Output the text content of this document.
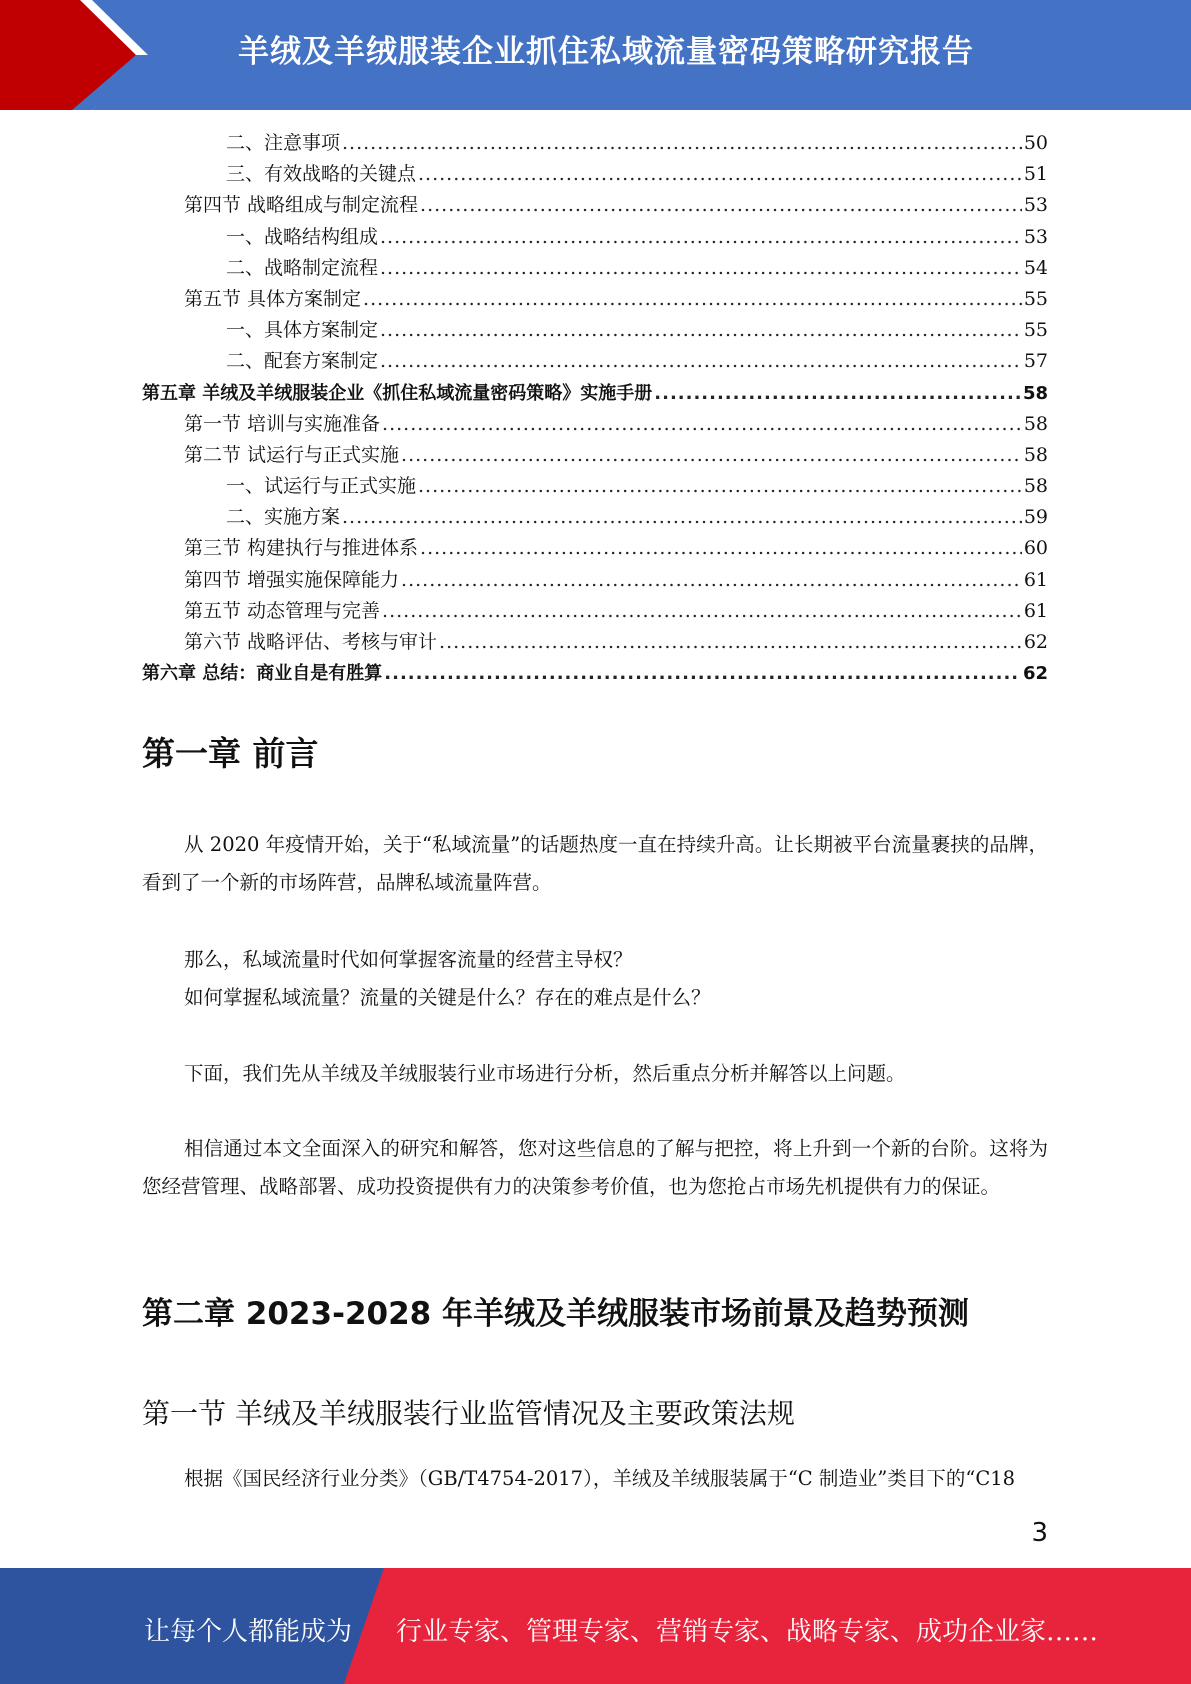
羊绒及羊绒服装企业抓住私域流量密码策略研究报告
二、注意事项 .....	50
三、有效战略的关键点 .....	51
第四节 战略组成与制定流程 .....	53
一、战略结构组成 .....	53
二、战略制定流程 .....	54
第五节 具体方案制定 .....	55
一、具体方案制定 .....	55
二、配套方案制定 .....	57
第五章 羊绒及羊绒服装企业《抓住私域流量密码策略》实施手册 .....	58
第一节 培训与实施准备 .....	58
第二节 试运行与正式实施 .....	58
一、试运行与正式实施 .....	58
二、实施方案 .....	59
第三节 构建执行与推进体系 .....	60
第四节 增强实施保障能力 .....	61
第五节 动态管理与完善 .....	61
第六节 战略评估、考核与审计 .....	62
第六章 总结：商业自是有胜算 .....	62
第一章 前言

从 2020 年疫情开始，关于“私域流量”的话题热度一直在持续升高。让长期被平台流量裹挟的品牌，看到了一个新的市场阵营，品牌私域流量阵营。

那么，私域流量时代如何掌握客流量的经营主导权？

如何掌握私域流量？流量的关键是什么？存在的难点是什么？

下面，我们先从羊绒及羊绒服装行业市场进行分析，然后重点分析并解答以上问题。

相信通过本文全面深入的研究和解答，您对这些信息的了解与把控，将上升到一个新的台阶。这将为您经营管理、战略部署、成功投资提供有力的决策参考价值，也为您抢占市场先机提供有力的保证。

第二章 2023-2028 年羊绒及羊绒服装市场前景及趋势预测
第一节 羊绒及羊绒服装行业监管情况及主要政策法规

根据《国民经济行业分类》（GB/T4754-2017），羊绒及羊绒服装属于“C 制造业”类目下的“C18

3
让每个人都能成为 行业专家、管理专家、营销专家、战略专家、成功企业家……
